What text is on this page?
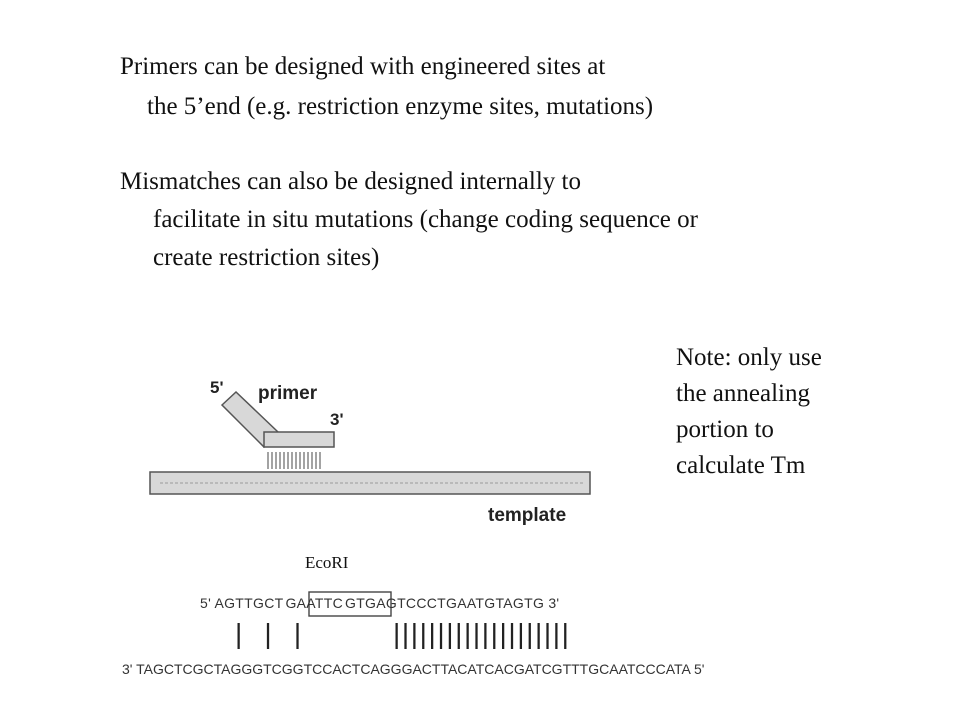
Primers can be designed with engineered sites at
the 5’end (e.g. restriction enzyme sites, mutations)
Mismatches can also be designed internally to
facilitate in situ mutations (change coding sequence or
create restriction sites)
Note: only use
the annealing
portion to
calculate Tm
5' primer
3'
template
EcoRI
5' AGTTGCT GAATTC GTGAGTCCCTGAATGTAGTG 3'
|  |  |	||||||||||||||||||||
3' TAGCTCGCTAGGGTCGGTCCACTCAGGGACTTACATCACGATCGTTTGCAATCCCATA 5'
